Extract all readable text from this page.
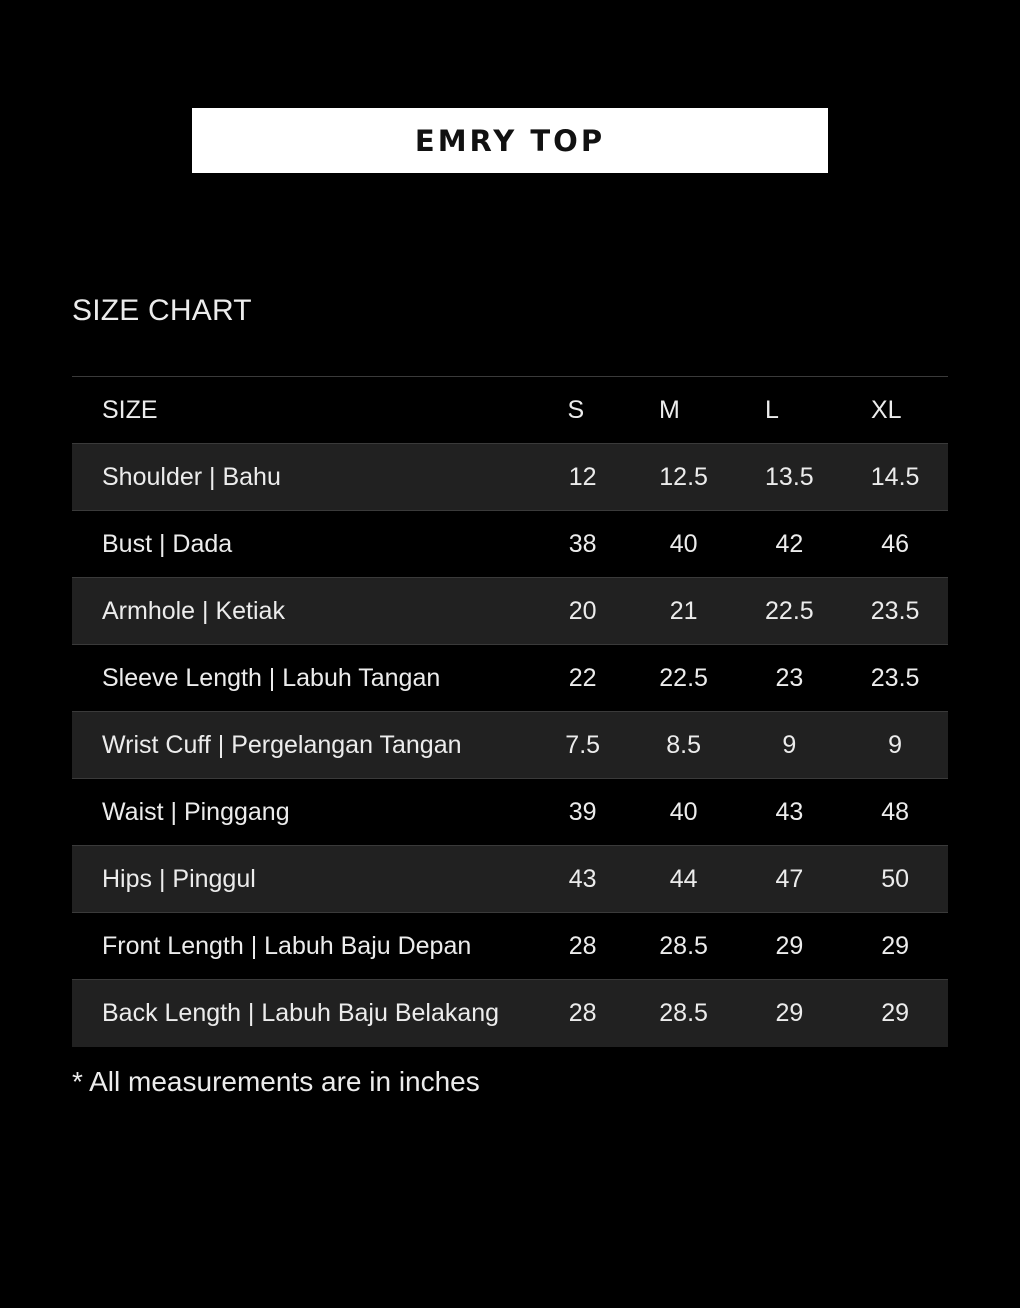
EMRY TOP
SIZE CHART
SIZE	S	M	L	XL
Shoulder | Bahu	12	12.5	13.5	14.5
Bust | Dada	38	40	42	46
Armhole | Ketiak	20	21	22.5	23.5
Sleeve Length | Labuh Tangan	22	22.5	23	23.5
Wrist Cuff | Pergelangan Tangan	7.5	8.5	9	9
Waist | Pinggang	39	40	43	48
Hips | Pinggul	43	44	47	50
Front Length | Labuh Baju Depan	28	28.5	29	29
Back Length | Labuh Baju Belakang	28	28.5	29	29
* All measurements are in inches
